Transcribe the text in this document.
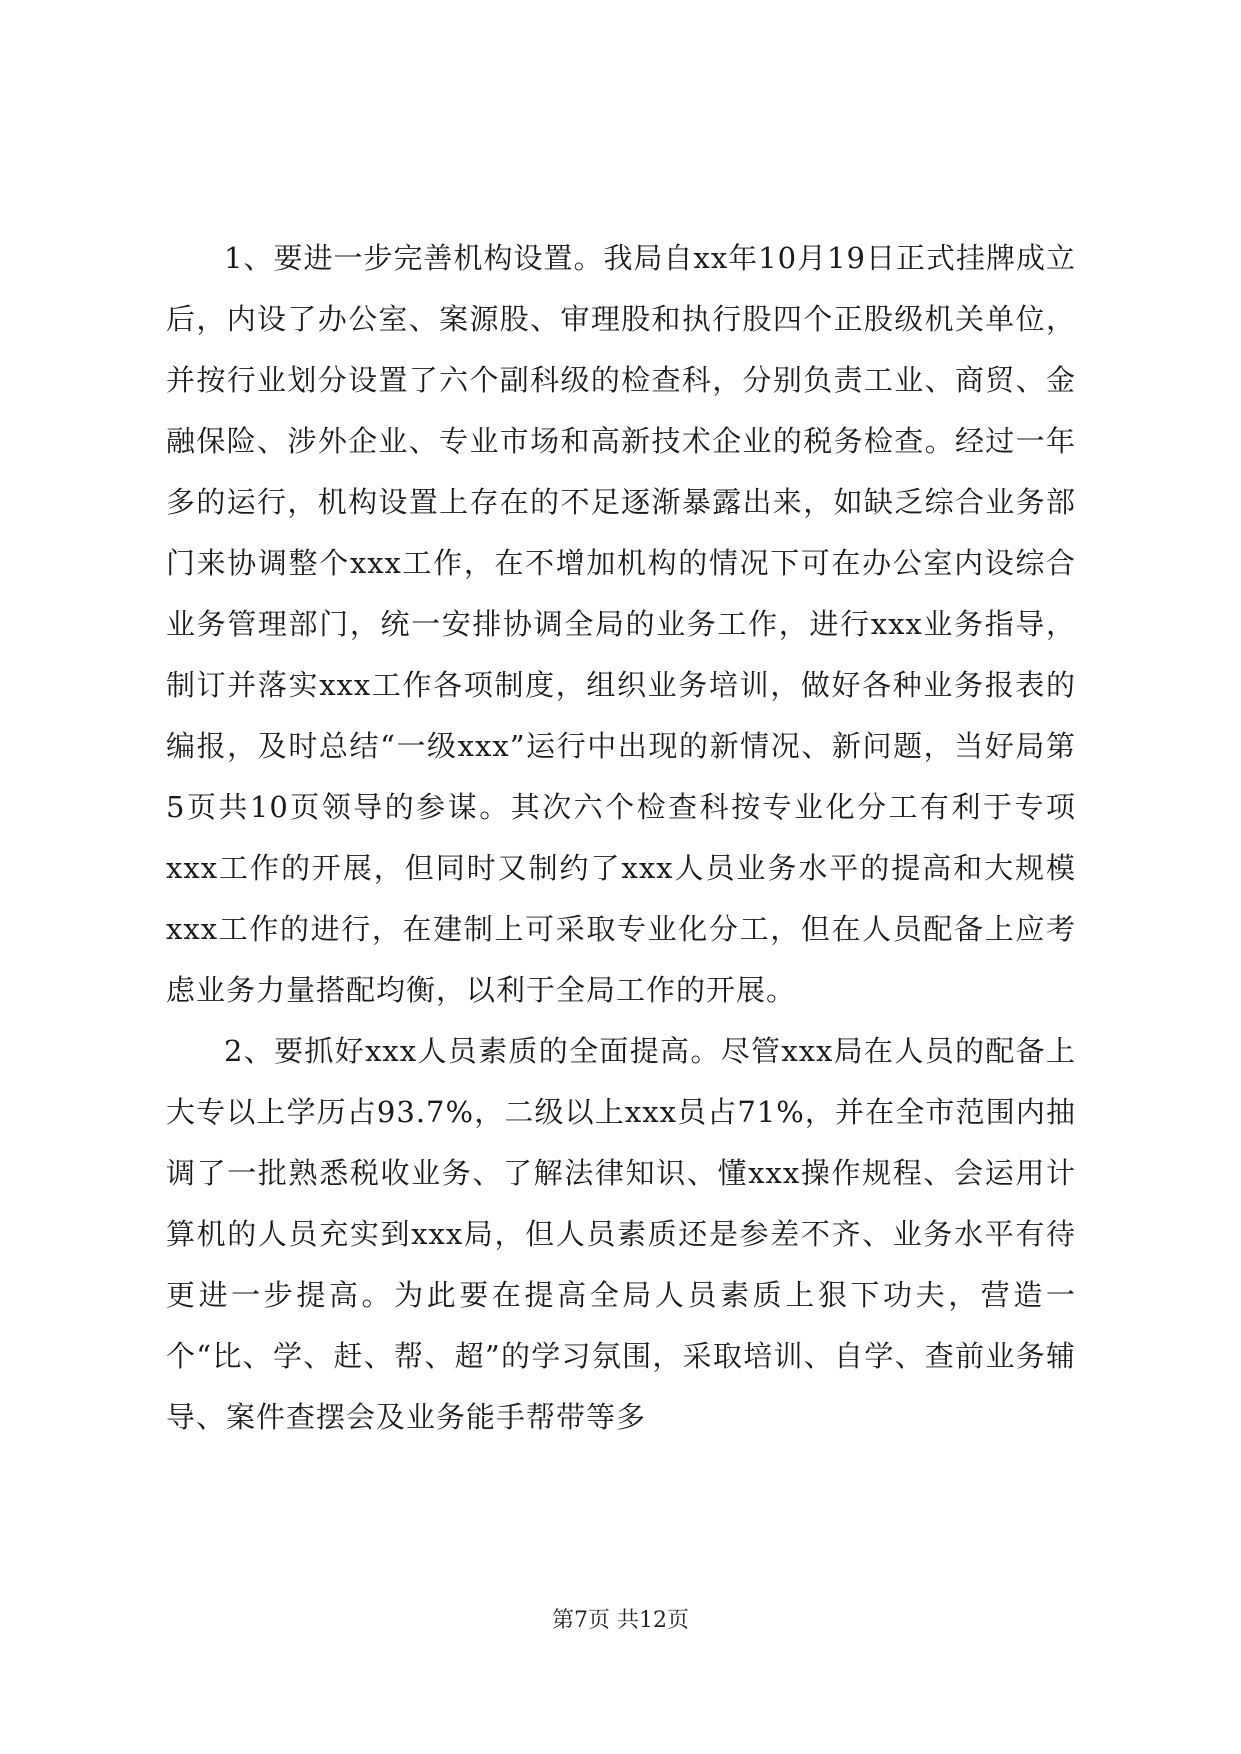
1、要进一步完善机构设置。我局自xx年10月19日正式挂牌成立后，内设了办公室、案源股、审理股和执行股四个正股级机关单位，并按行业划分设置了六个副科级的检查科，分别负责工业、商贸、金融保险、涉外企业、专业市场和高新技术企业的税务检查。经过一年多的运行，机构设置上存在的不足逐渐暴露出来，如缺乏综合业务部门来协调整个xxx工作，在不增加机构的情况下可在办公室内设综合业务管理部门，统一安排协调全局的业务工作，进行xxx业务指导，制订并落实xxx工作各项制度，组织业务培训，做好各种业务报表的编报，及时总结“一级xxx”运行中出现的新情况、新问题，当好局第5页共10页领导的参谋。其次六个检查科按专业化分工有利于专项xxx工作的开展，但同时又制约了xxx人员业务水平的提高和大规模xxx工作的进行，在建制上可采取专业化分工，但在人员配备上应考虑业务力量搭配均衡，以利于全局工作的开展。

2、要抓好xxx人员素质的全面提高。尽管xxx局在人员的配备上大专以上学历占93.7%，二级以上xxx员占71%，并在全市范围内抽调了一批熟悉税收业务、了解法律知识、懂xxx操作规程、会运用计算机的人员充实到xxx局，但人员素质还是参差不齐、业务水平有待更进一步提高。为此要在提高全局人员素质上狠下功夫，营造一个“比、学、赶、帮、超”的学习氛围，采取培训、自学、查前业务辅导、案件查摆会及业务能手帮带等多

第7页 共12页
